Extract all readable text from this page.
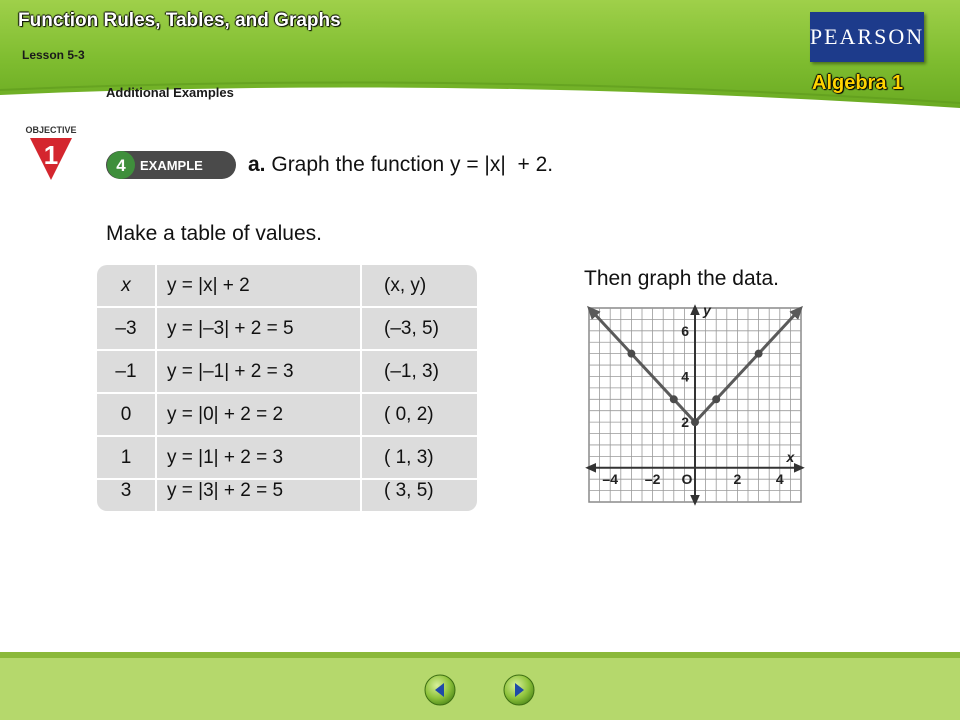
Function Rules, Tables, and Graphs
Lesson 5-3
Additional Examples
PEARSON
Algebra 1
OBJECTIVE
1	4 EXAMPLE a. Graph the function y = |x|  + 2.
Make a table of values.
Then graph the data.
x	y = |x| + 2	(x, y)
–3	y = |–3| + 2 = 5	(–3, 5)
–1	y = |–1| + 2 = 3	(–1, 3)
0	y = |0| + 2 = 2	( 0, 2)
1	y = |1| + 2 = 3	( 1, 3)
3	y = |3| + 2 = 5	( 3, 5)
–4 –2	2 4
2
4
6
x
y
O
